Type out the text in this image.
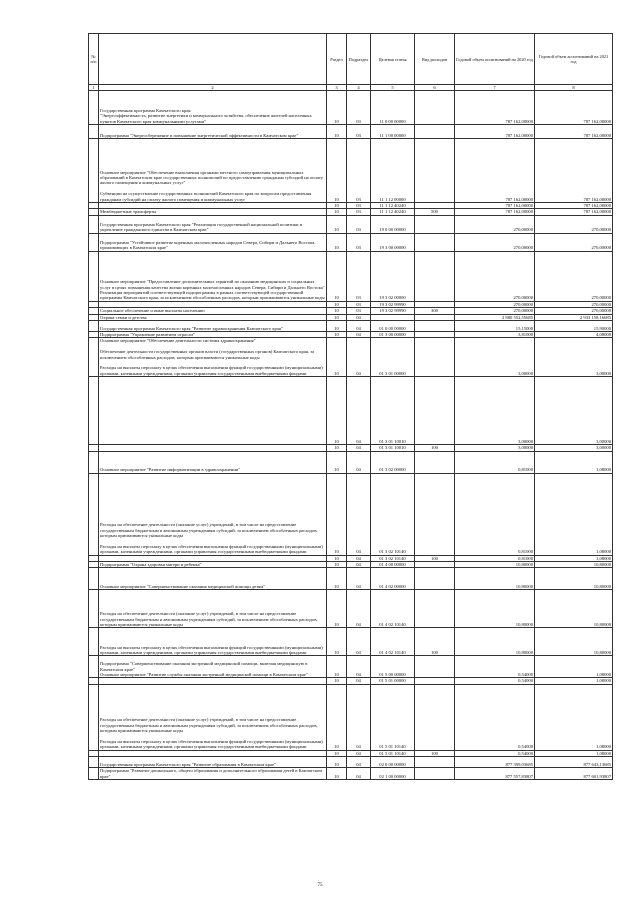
№ п/п		Раздел	Подраздел	Целевая статья	Вид расходов	Годовой объем ассигнований на 2020 год	Годовой объем ассигнований на 2021 год
1	2	3	4	5	6	7	8

	Государственная программа Камчатского края
"Энергоэффективность, развитие энергетики и коммунального хозяйства, обеспечение жителей населенных пунктов Камчатского края коммунальными услугами"	10	03	11 0 00 00000		787 162,00000	787 162,00000

	Подпрограмма "Энергосбережение и повышение энергетической эффективности в Камчатском крае"	10	03	11 1 00 00000		787 162,00000	787 162,00000

	Основное мероприятие "Обеспечение выполнения органами местного самоуправления муниципальных образований в Камчатском крае государственных полномочий по предоставлению гражданам субсидий на оплату жилого помещения и коммунальных услуг"
Субвенции на осуществление государственных полномочий Камчатского края по вопросам предоставления гражданам субсидий на оплату жилого помещения и коммунальных услуг	10	03	11 1 12 00000		787 162,00000	787 162,00000

	10	03	11 1 12 40240		787 162,00000	787 162,00000

	Межбюджетные трансферты	10	03	11 1 12 40240	500	787 162,00000	787 162,00000

	Государственная программа Камчатского края "Реализация государственной национальной политики и укрепление гражданского единства в Камчатском крае"	10	03	19 0 00 00000		270,00000	270,00000

	Подпрограмма "Устойчивое развитие коренных малочисленных народов Севера, Сибири и Дальнего Востока, проживающих в Камчатском крае"	10	03	19 3 00 00000		270,00000	270,00000

	Основное мероприятие "Предоставление дополнительных гарантий по оказанию медицинских и социальных услуг в целях повышения качества жизни коренных малочисленных народов Севера, Сибири и Дальнего Востока"
Реализация мероприятий соответствующей подпрограммы в рамках соответствующей государственной программы Камчатского края, за исключением обособленных расходов, которым присваиваются уникальные коды	10	03	19 3 02 00000		270,00000	270,00000

	10	03	19 3 02 99990		270,00000	270,00000

	Социальное обеспечение и иные выплаты населению	10	03	19 3 02 99990	300	270,00000	270,00000

	Охрана семьи и детства	10	04			2 880 552,55685	2 933 158,16685

	Государственная программа Камчатского края "Развитие здравоохранения Камчатского края"	10	04	01 0 00 00000		15,15000	15,90000

	Подпрограмма "Управление развитием отрасли"	10	04	01 3 00 00000		3,81000	4,08000

	Основное мероприятие "Обеспечение деятельности системы здравоохранения"
Обеспечение деятельности государственных органов власти (государственных органов) Камчатского края, за исключением обособленных расходов, которым присваиваются уникальные коды
Расходы на выплаты персоналу в целях обеспечения выполнения функций государственными (муниципальными) органами, казенными учреждениями, органами управления государственными внебюджетными фондами	10	04	01 3 01 00000		3,00000	3,00000

	10	04	01 3 01 10010		3,00000	3,00000

	10	04	01 3 01 10010	100	3,00000	3,00000

	Основное мероприятие "Развитие информатизации в здравоохранении"	10	04	01 3 02 00000		0,81000	1,08000

	Расходы на обеспечение деятельности (оказание услуг) учреждений, в том числе на предоставление государственным бюджетным и автономным учреждениям субсидий, за исключением обособленных расходов, которым присваиваются уникальные коды
Расходы на выплаты персоналу в целях обеспечения выполнения функций государственными (муниципальными) органами, казенными учреждениями, органами управления государственными внебюджетными фондами	10	04	01 3 02 10140		0,81000	1,08000

	10	04	01 3 02 10140	100	0,81000	1,08000

	Подпрограмма "Охрана здоровья матери и ребенка"	10	04	01 4 00 00000		10,80000	10,80000

	Основное мероприятие "Совершенствование оказания медицинской помощи детям"	10	04	01 4 02 00000		10,80000	10,80000

	Расходы на обеспечение деятельности (оказание услуг) учреждений, в том числе на предоставление государственным бюджетным и автономным учреждениям субсидий, за исключением обособленных расходов, которым присваиваются уникальные коды	10	04	01 4 02 10140		10,80000	10,80000

	Расходы на выплаты персоналу в целях обеспечения выполнения функций государственными (муниципальными) органами, казенными учреждениями, органами управления государственными внебюджетными фондами	10	04	01 4 02 10140	100	10,80000	10,80000

	Подпрограмма "Совершенствование оказания экстренной медицинской помощи, включая медицинскую в Камчатском крае"
Основное мероприятие "Развитие службы оказания экстренной медицинской помощи в Камчатском крае"	10	04	01 5 00 00000		0,54000	1,08000

	10	04	01 5 01 00000		0,54000	1,08000

	Расходы на обеспечение деятельности (оказание услуг) учреждений, в том числе на предоставление государственным бюджетным и автономным учреждениям субсидий, за исключением обособленных расходов, которым присваиваются уникальные коды
Расходы на выплаты персоналу в целях обеспечения выполнения функций государственными (муниципальными) органами, казенными учреждениями, органами управления государственными внебюджетными фондами	10	04	01 5 01 10140		0,54000	1,08000

	10	04	01 5 01 10140	100	0,54000	1,08000

	Государственная программа Камчатского края "Развитие образования в Камчатском крае"	10	04	02 0 00 00000		877 399,03685	877 643,13685

	Подпрограмма "Развитие дошкольного, общего образования и дополнительного образования детей в Камчатском крае"	10	04	02 1 00 00000		877 557,83807	877 601,93807
75
